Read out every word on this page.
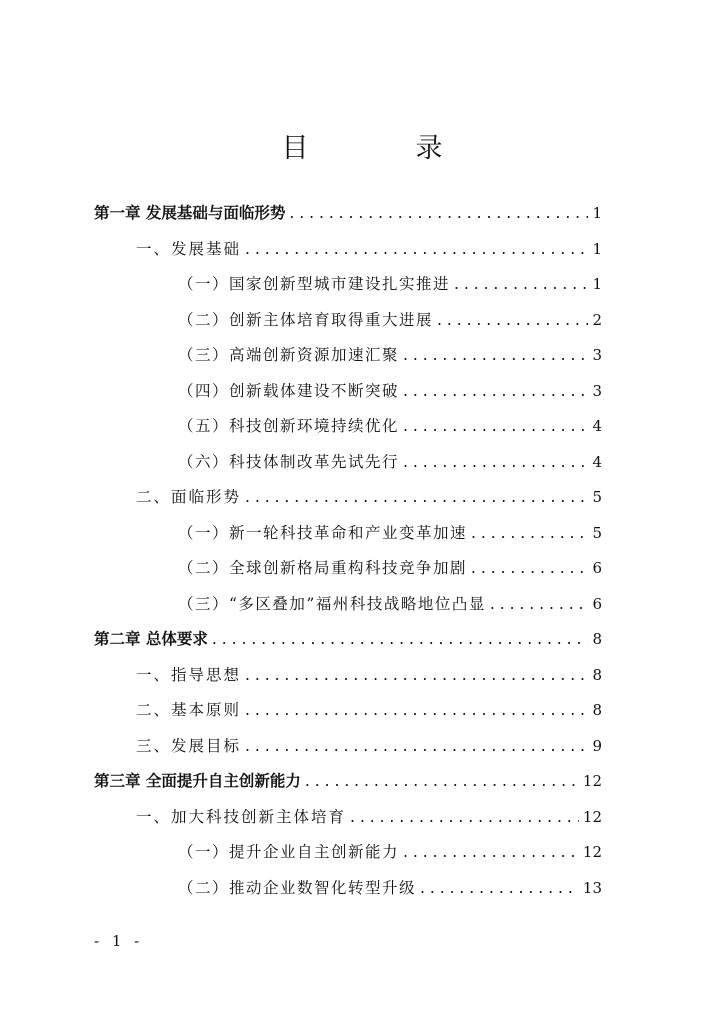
目　录
第一章 发展基础与面临形势 . . .	1
一、发展基础 . . .	1
（一）国家创新型城市建设扎实推进 . . .	1
（二）创新主体培育取得重大进展 . . .	2
（三）高端创新资源加速汇聚 . . .	3
（四）创新载体建设不断突破 . . .	3
（五）科技创新环境持续优化 . . .	4
（六）科技体制改革先试先行 . . .	4
二、面临形势 . . .	5
（一）新一轮科技革命和产业变革加速 . . .	5
（二）全球创新格局重构科技竞争加剧 . . .	6
（三）“多区叠加”福州科技战略地位凸显 . . .	6
第二章 总体要求 . . .	8
一、指导思想 . . .	8
二、基本原则 . . .	8
三、发展目标 . . .	9
第三章 全面提升自主创新能力 . . .	12
一、加大科技创新主体培育 . . .	12
（一）提升企业自主创新能力 . . .	12
（二）推动企业数智化转型升级 . . .	13
- 1 -
